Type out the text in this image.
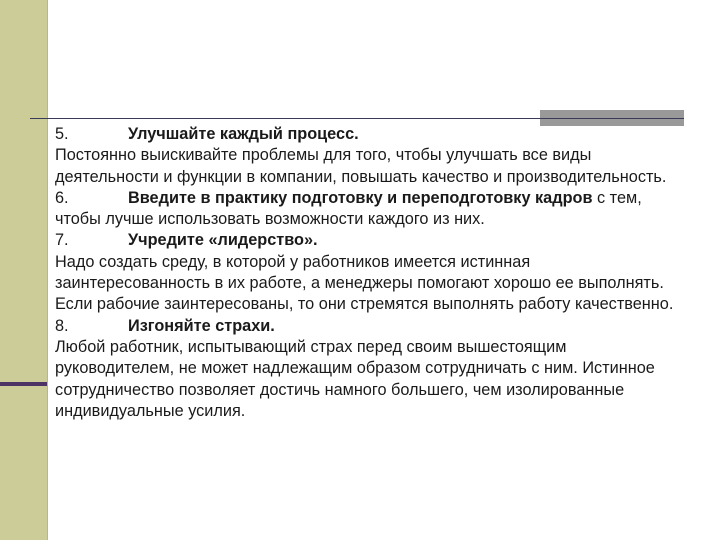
5.	Улучшайте каждый процесс.

Постоянно выискивайте проблемы для того, чтобы улучшать все виды деятельности и функции в компании, повышать качество и производительность.

6.	Введите в практику подготовку и переподготовку кадров с тем, чтобы лучше использовать возможности каждого из них.

7.	Учредите «лидерство».

Надо создать среду, в которой у работников имеется истинная заинтересованность в их работе, а менеджеры помогают хорошо ее выполнять. Если рабочие заинтересованы, то они стремятся выполнять работу качественно.

8.	Изгоняйте страхи.

Любой работник, испытывающий страх перед своим вышестоящим руководителем, не может надлежащим образом сотрудничать с ним. Истинное сотрудничество позволяет достичь намного большего, чем изолированные индивидуальные усилия.
